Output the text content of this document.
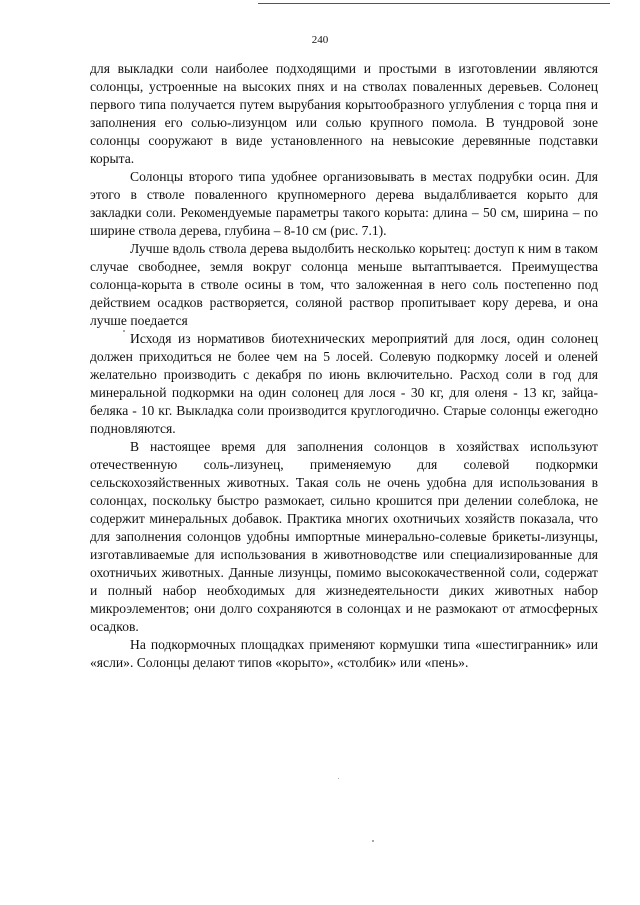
240

для выкладки соли наиболее подходящими и простыми в изготовлении являются солонцы, устроенные на высоких пнях и на стволах поваленных деревьев. Солонец первого типа получается путем вырубания корытообразного углубления с торца пня и заполнения его солью-лизунцом или солью крупного помола. В тундровой зоне солонцы сооружают в виде установленного на невысокие деревянные подставки корыта.

Солонцы второго типа удобнее организовывать в местах подрубки осин. Для этого в стволе поваленного крупномерного дерева выдалбливается корыто для закладки соли. Рекомендуемые параметры такого корыта: длина – 50 см, ширина – по ширине ствола дерева, глубина – 8-10 см (рис. 7.1).

Лучше вдоль ствола дерева выдолбить несколько корытец: доступ к ним в таком случае свободнее, земля вокруг солонца меньше вытаптывается. Преимущества солонца-корыта в стволе осины в том, что заложенная в него соль постепенно под действием осадков растворяется, соляной раствор пропитывает кору дерева, и она лучше поедается

Исходя из нормативов биотехнических мероприятий для лося, один солонец должен приходиться не более чем на 5 лосей. Солевую подкормку лосей и оленей желательно производить с декабря по июнь включительно. Расход соли в год для минеральной подкормки на один солонец для лося - 30 кг, для оленя - 13 кг, зайца-беляка - 10 кг. Выкладка соли производится круглогодично. Старые солонцы ежегодно подновляются.

В настоящее время для заполнения солонцов в хозяйствах используют отечественную соль-лизунец, применяемую для солевой подкормки сельскохозяйственных животных. Такая соль не очень удобна для использования в солонцах, поскольку быстро размокает, сильно крошится при делении солеблока, не содержит минеральных добавок. Практика многих охотничьих хозяйств показала, что для заполнения солонцов удобны импортные минерально-солевые брикеты-лизунцы, изготавливаемые для использования в животноводстве или специализированные для охотничьих животных. Данные лизунцы, помимо высококачественной соли, содержат и полный набор необходимых для жизнедеятельности диких животных набор микроэлементов; они долго сохраняются в солонцах и не размокают от атмосферных осадков.

На подкормочных площадках применяют кормушки типа «шестигранник» или «ясли». Солонцы делают типов «корыто», «столбик» или «пень».
